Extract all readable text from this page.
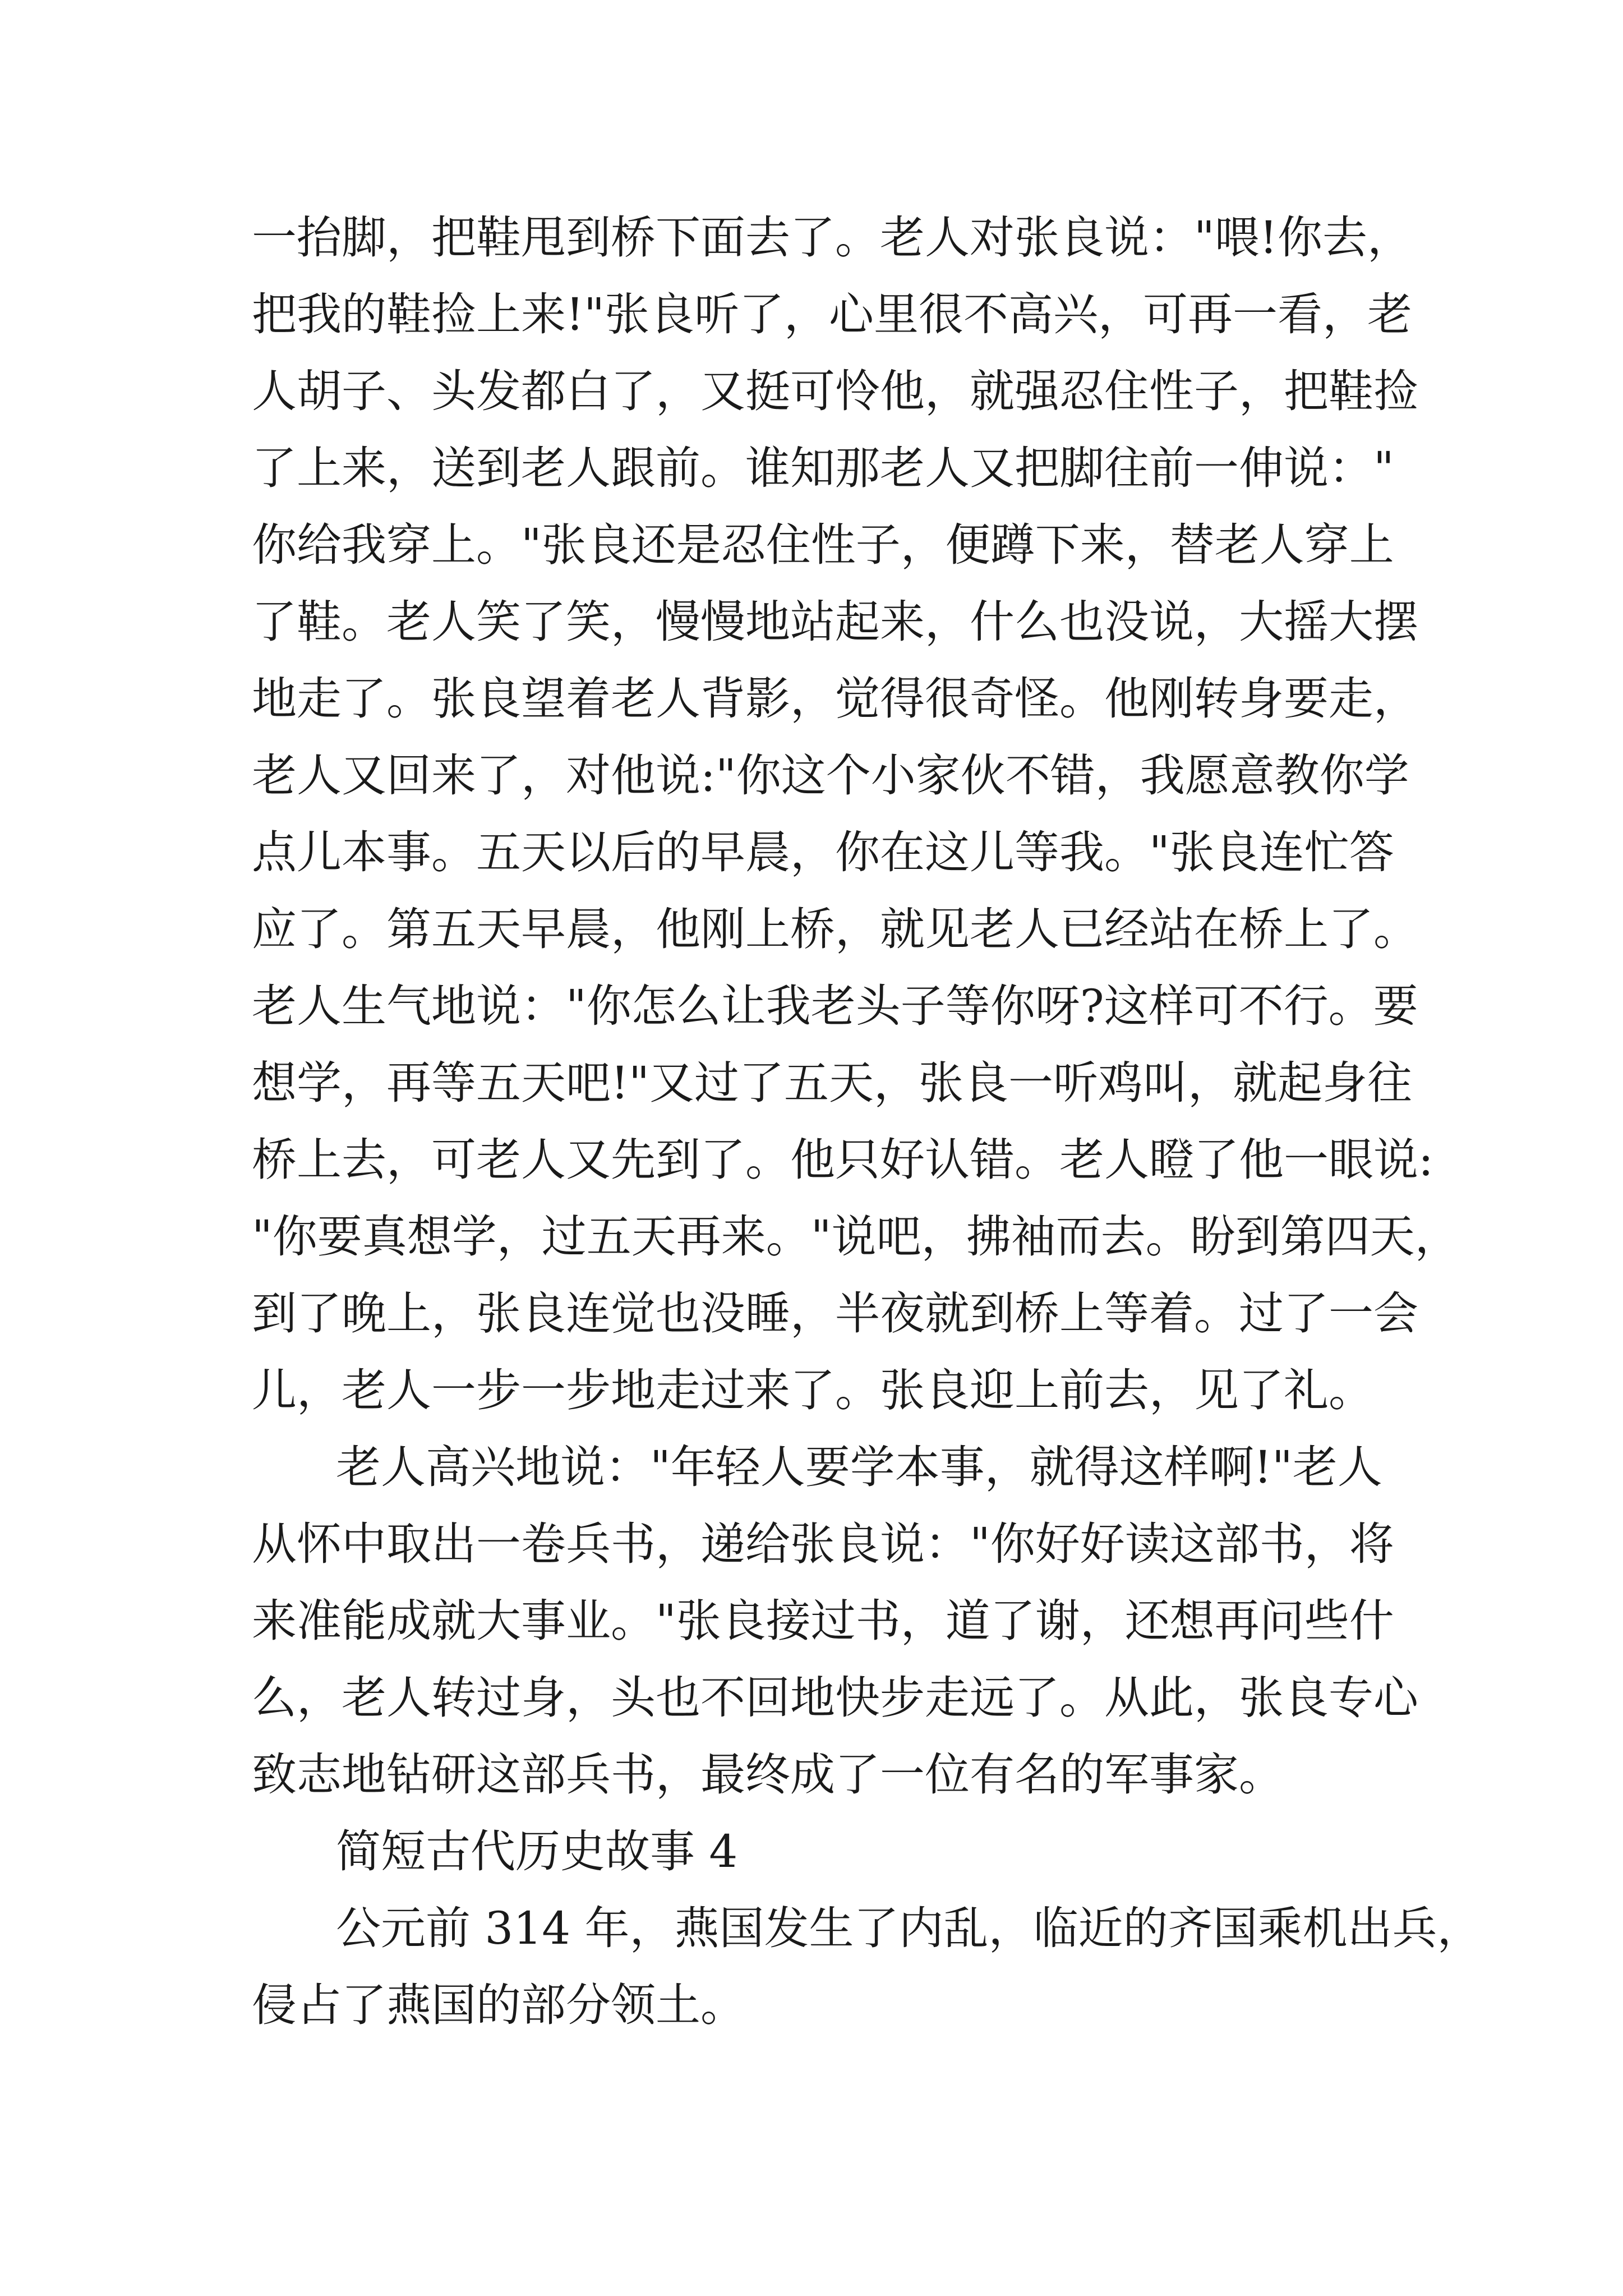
一抬脚，把鞋甩到桥下面去了。老人对张良说："喂!你去，
把我的鞋捡上来!"张良听了，心里很不高兴，可再一看，老
人胡子、头发都白了，又挺可怜他，就强忍住性子，把鞋捡
了上来，送到老人跟前。谁知那老人又把脚往前一伸说："
你给我穿上。"张良还是忍住性子，便蹲下来，替老人穿上
了鞋。老人笑了笑，慢慢地站起来，什么也没说，大摇大摆
地走了。张良望着老人背影，觉得很奇怪。他刚转身要走，
老人又回来了，对他说:"你这个小家伙不错，我愿意教你学
点儿本事。五天以后的早晨，你在这儿等我。"张良连忙答
应了。第五天早晨，他刚上桥，就见老人已经站在桥上了。
老人生气地说："你怎么让我老头子等你呀?这样可不行。要
想学，再等五天吧!"又过了五天，张良一听鸡叫，就起身往
桥上去，可老人又先到了。他只好认错。老人瞪了他一眼说:
"你要真想学，过五天再来。"说吧，拂袖而去。盼到第四天，
到了晚上，张良连觉也没睡，半夜就到桥上等着。过了一会
儿，老人一步一步地走过来了。张良迎上前去，见了礼。
老人高兴地说："年轻人要学本事，就得这样啊!"老人
从怀中取出一卷兵书，递给张良说："你好好读这部书，将
来准能成就大事业。"张良接过书，道了谢，还想再问些什
么，老人转过身，头也不回地快步走远了。从此，张良专心
致志地钻研这部兵书，最终成了一位有名的军事家。
简短古代历史故事 4
公元前 314 年，燕国发生了内乱，临近的齐国乘机出兵，
侵占了燕国的部分领土。
